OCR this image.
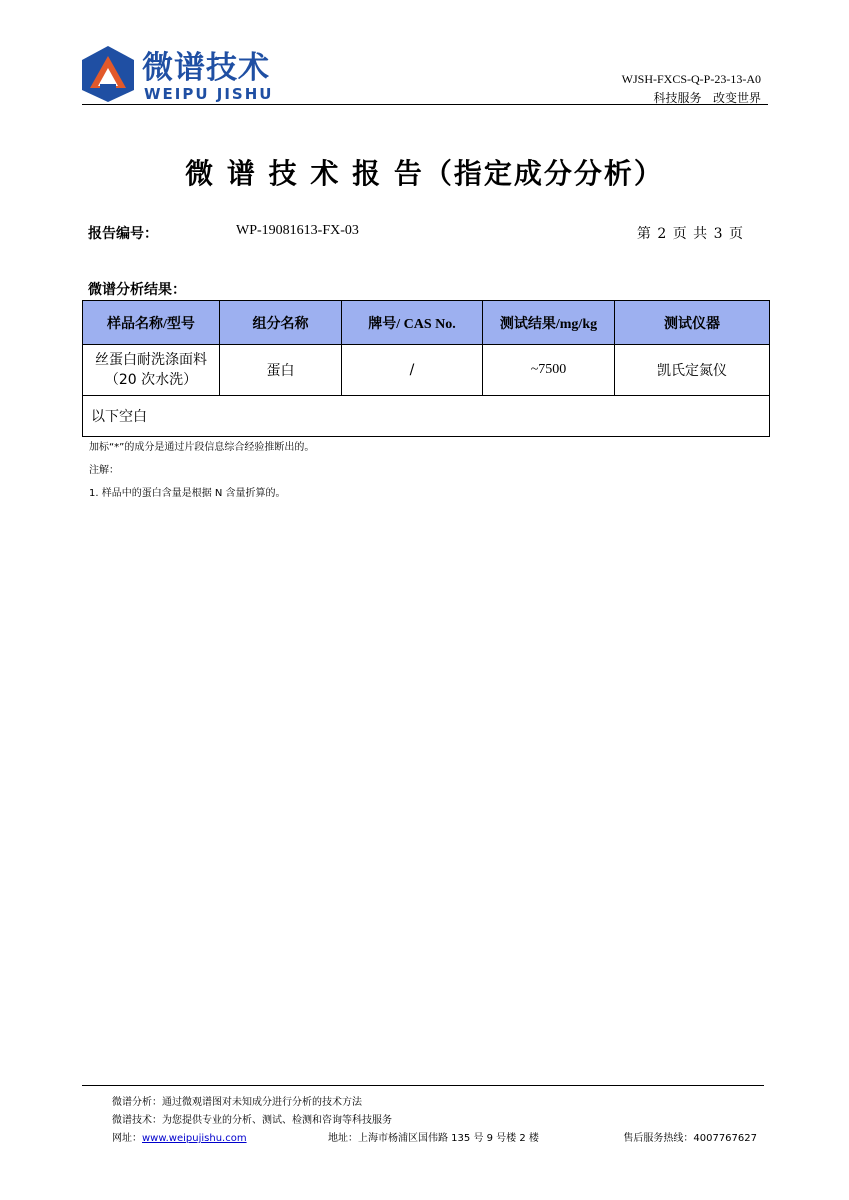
微谱技术
WEIPU JISHU
WJSH-FXCS-Q-P-23-13-A0
科技服务   改变世界
微 谱 技 术 报 告（指定成分分析）
报告编号：	WP-19081613-FX-03	第 2 页 共 3 页
微谱分析结果：
样品名称/型号	组分名称	牌号/ CAS No.	测试结果/mg/kg	测试仪器

丝蛋白耐洗涤面料
（20 次水洗）	蛋白	/	~7500	凯氏定氮仪
以下空白				
加标“*”的成分是通过片段信息综合经验推断出的。
注解：
1. 样品中的蛋白含量是根据 N 含量折算的。
微谱分析：通过微观谱图对未知成分进行分析的技术方法
微谱技术：为您提供专业的分析、测试、检测和咨询等科技服务
网址：www.weipujishu.com	地址：上海市杨浦区国伟路 135 号 9 号楼 2 楼	售后服务热线：4007767627
